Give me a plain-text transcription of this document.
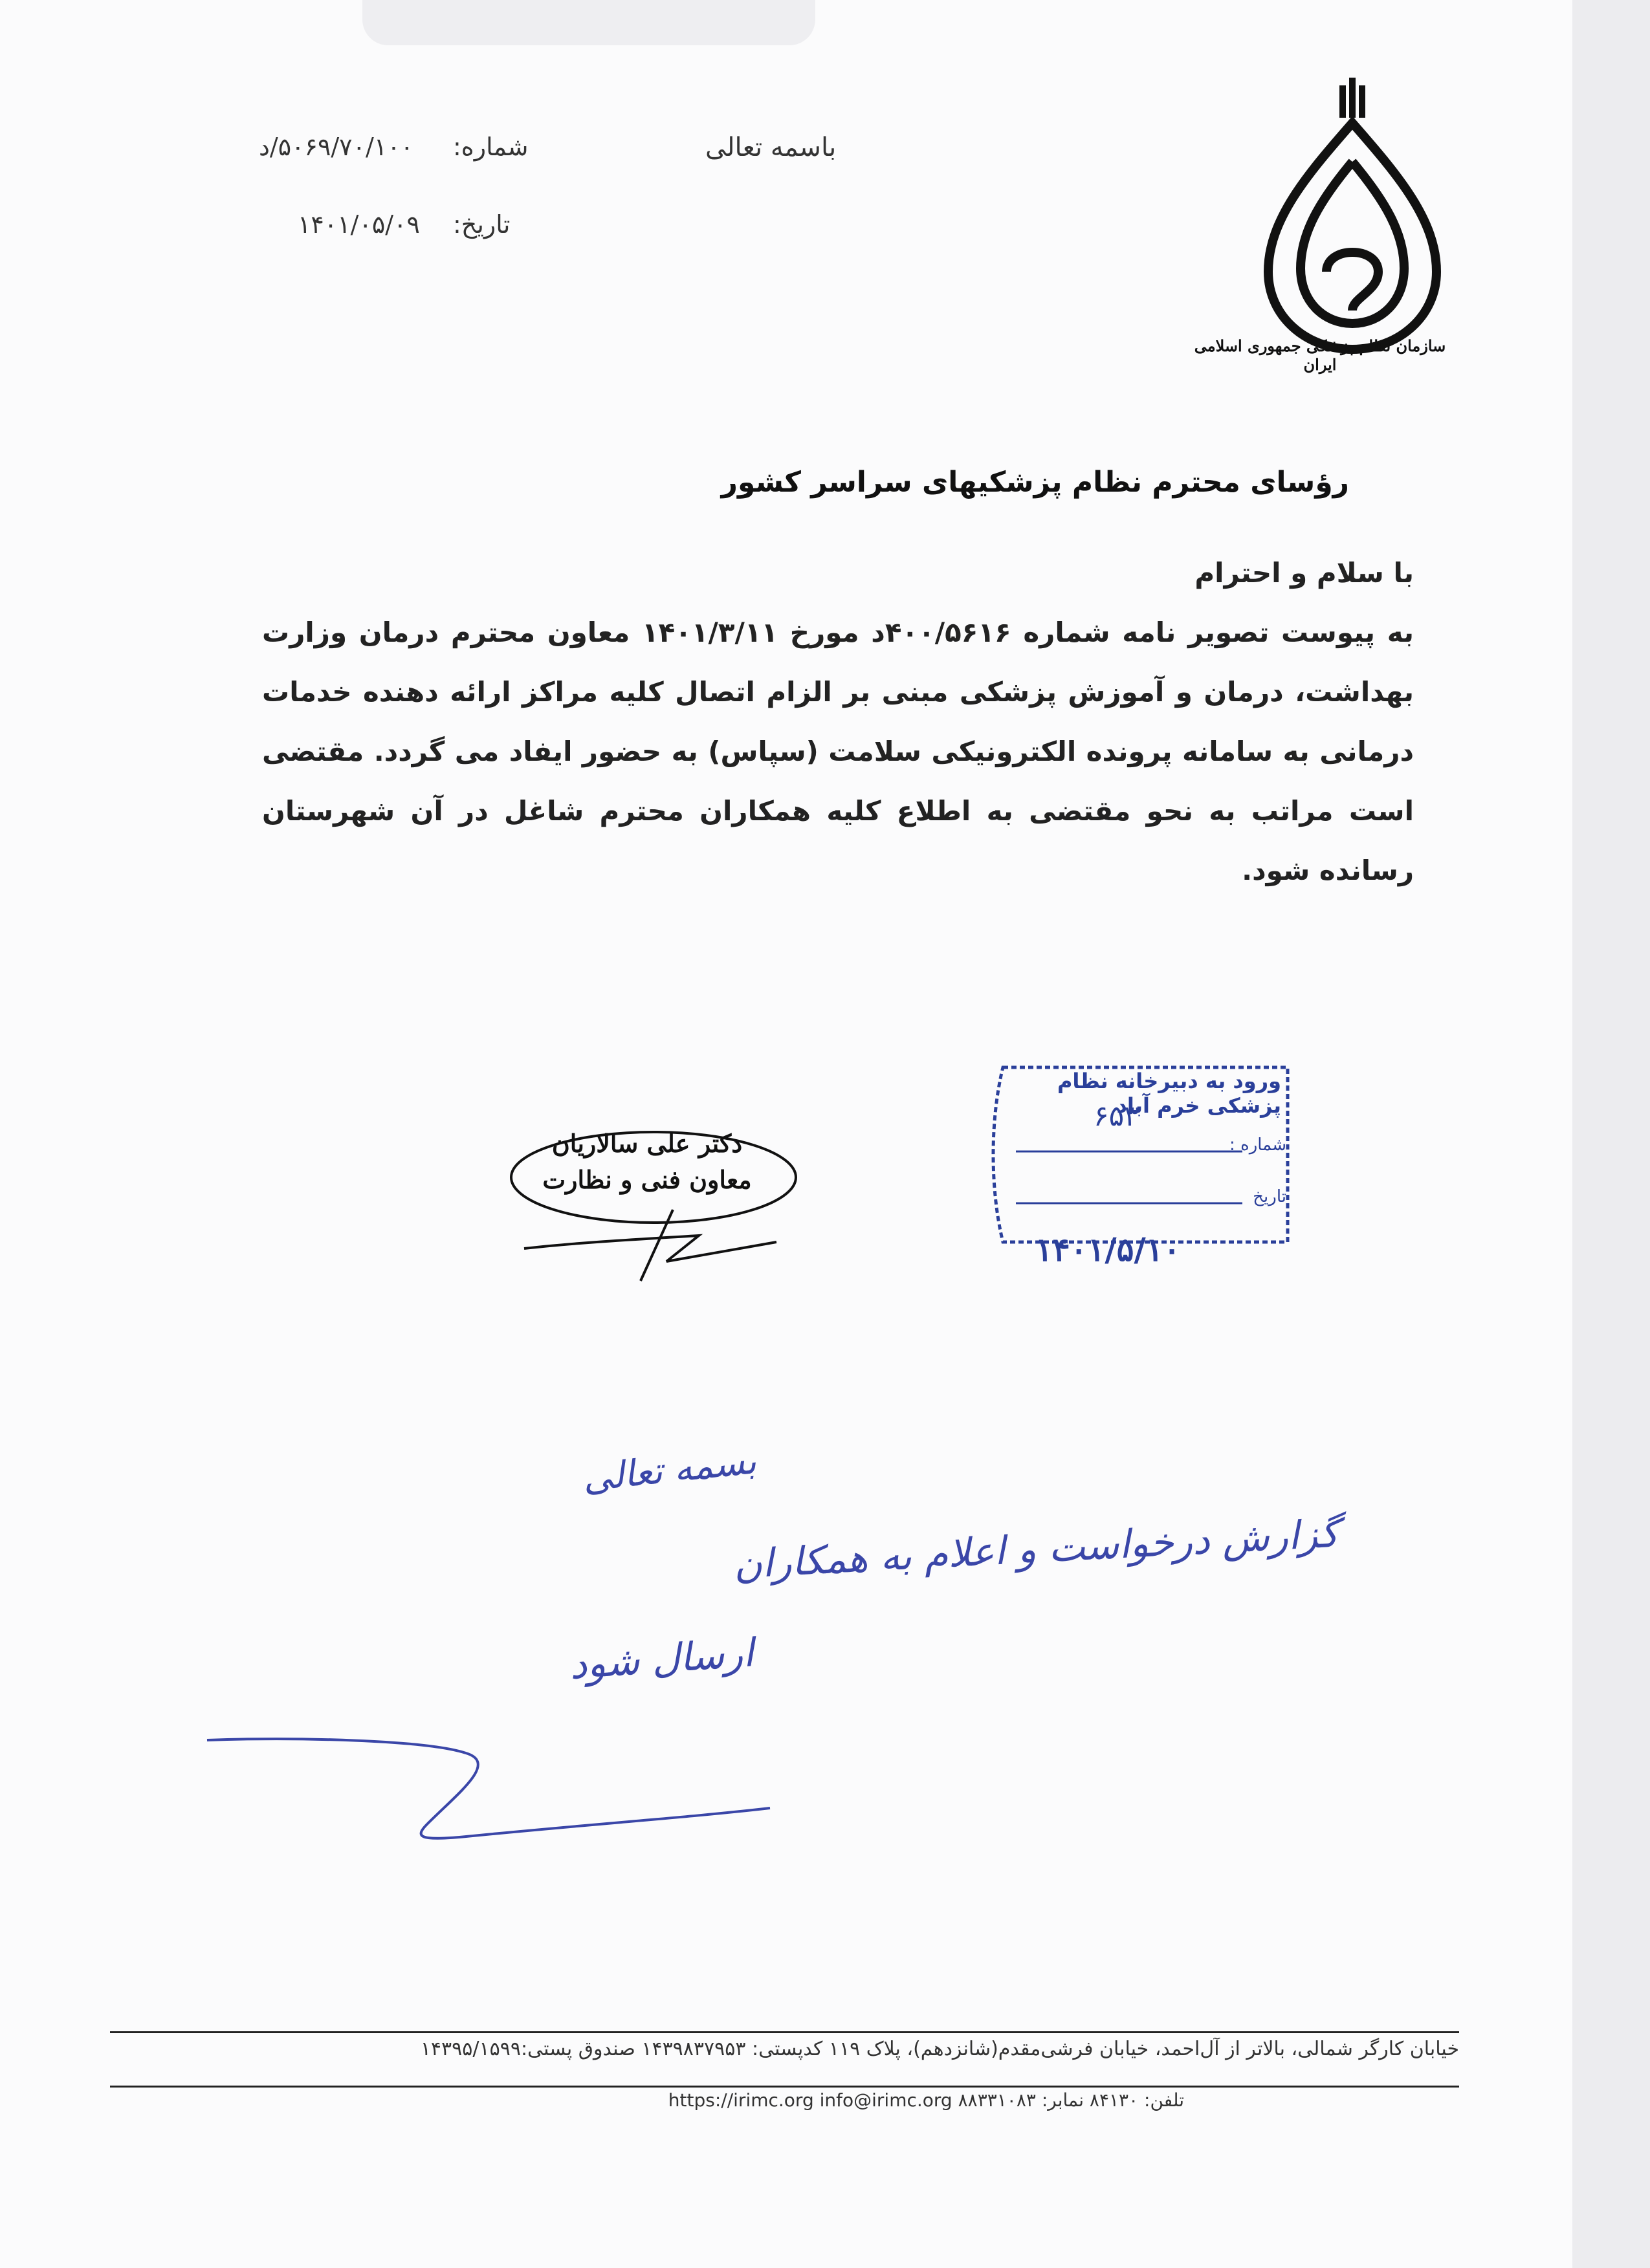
سازمان نظام پزشکی جمهوری اسلامی ایران
باسمه تعالی
شماره:
۵۰۶۹/۷۰/۱۰۰/د
تاریخ:
۱۴۰۱/۰۵/۰۹
رؤسای محترم نظام پزشکیهای سراسر کشور
با سلام و احترام
به پیوست تصویر نامه شماره ۴۰۰/۵۶۱۶د مورخ ۱۴۰۱/۳/۱۱ معاون محترم درمان وزارت بهداشت، درمان و آموزش پزشکی مبنی بر الزام اتصال کلیه مراکز ارائه دهنده خدمات درمانی به سامانه پرونده الکترونیکی سلامت (سپاس) به حضور ایفاد می گردد. مقتضی است مراتب به نحو مقتضی به اطلاع کلیه همکاران محترم شاغل در آن شهرستان رسانده شود.
دکتر علی سالاریان
معاون فنی و نظارت
ورود به دبیرخانه نظام پزشکی خرم آباد
۶۵۳
شماره :
تاریخ
۱۴۰۱/۵/۱۰
بسمه تعالی
گزارش درخواست و اعلام به همکاران
ارسال شود
خیابان کارگر شمالی، بالاتر از آل‌احمد، خیابان فرشی‌مقدم(شانزدهم)، پلاک ۱۱۹ کدپستی: ۱۴۳۹۸۳۷۹۵۳ صندوق پستی:۱۴۳۹۵/۱۵۹۹
تلفن: ۸۴۱۳۰ نمابر: ۸۸۳۳۱۰۸۳ https://irimc.org info@irimc.org
